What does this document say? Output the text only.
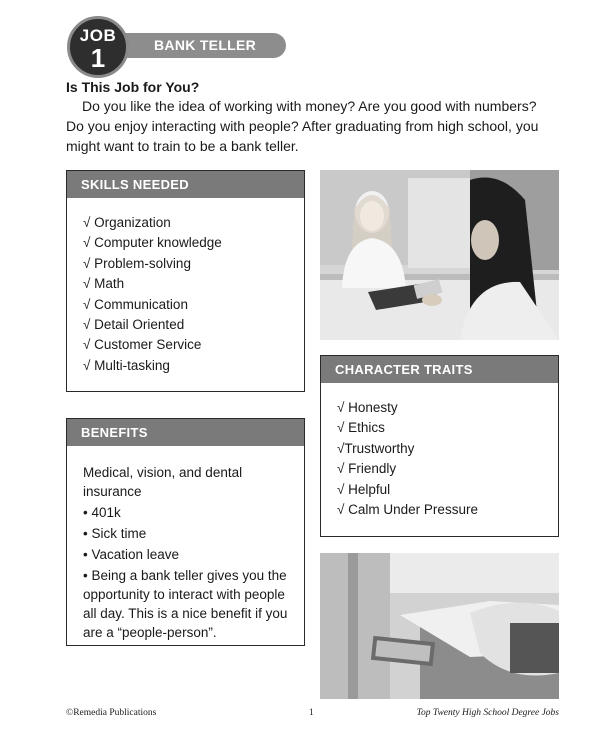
JOB
1	BANK TELLER
Is This Job for You?

Do you like the idea of working with money? Are you good with numbers? Do you enjoy interacting with people? After graduating from high school, you might want to train to be a bank teller.

SKILLS NEEDED
√ Organization
√ Computer knowledge
√ Problem-solving
√ Math
√ Communication
√ Detail Oriented
√ Customer Service
√ Multi-tasking	CHARACTER TRAITS
√ Honesty
√ Ethics
√Trustworthy
√ Friendly
√ Helpful
√ Calm Under Pressure
BENEFITS

Medical, vision, and dental insurance

• 401k

• Sick time

• Vacation leave

• Being a bank teller gives you the opportunity to interact with people all day. This is a nice benefit if you are a “people-person”.

©Remedia Publications	1	Top Twenty High School Degree Jobs
